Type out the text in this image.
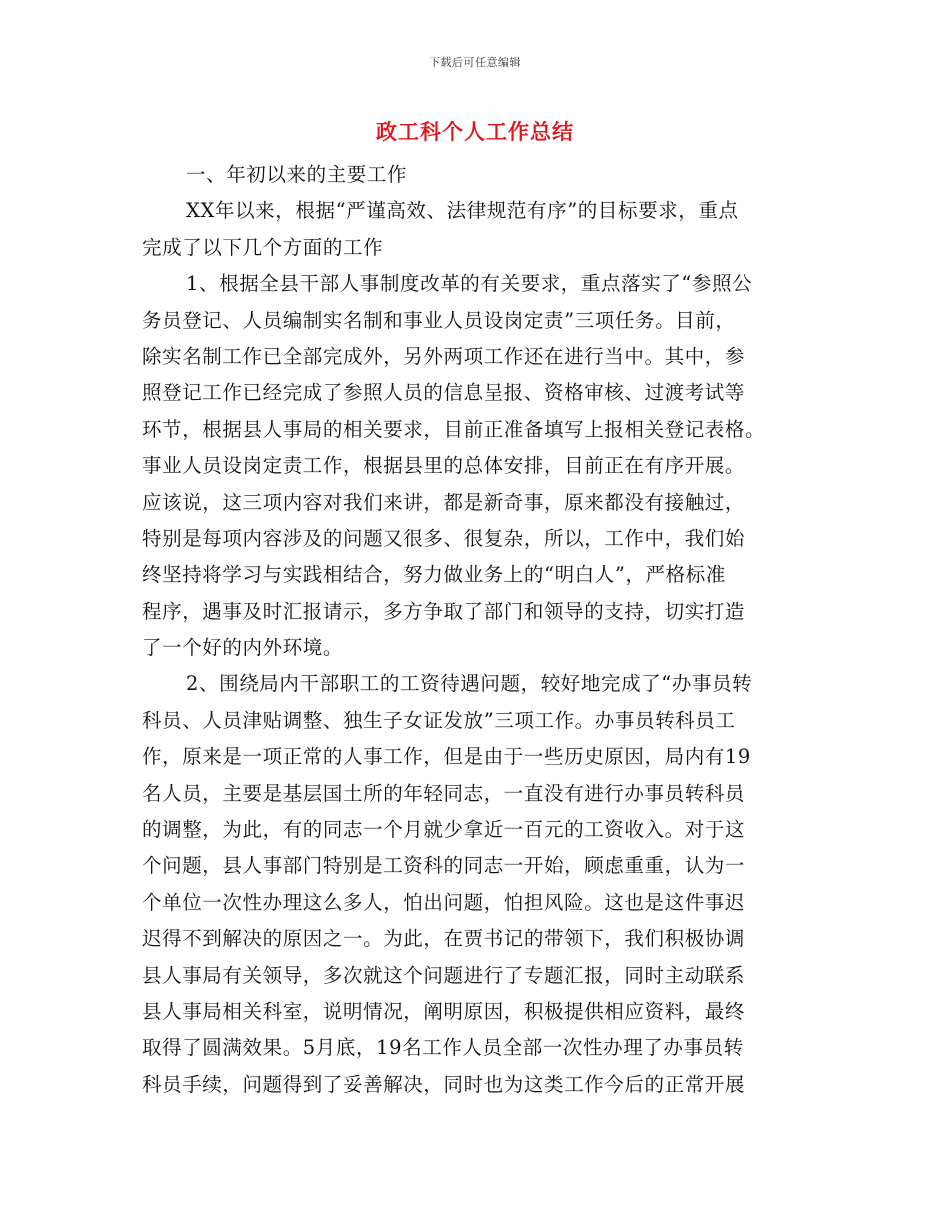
下载后可任意编辑
政工科个人工作总结
一、年初以来的主要工作
XX年以来，根据“严谨高效、法律规范有序”的目标要求，重点
完成了以下几个方面的工作
1、根据全县干部人事制度改革的有关要求，重点落实了“参照公
务员登记、人员编制实名制和事业人员设岗定责”三项任务。目前，
除实名制工作已全部完成外，另外两项工作还在进行当中。其中，参
照登记工作已经完成了参照人员的信息呈报、资格审核、过渡考试等
环节，根据县人事局的相关要求，目前正准备填写上报相关登记表格。
事业人员设岗定责工作，根据县里的总体安排，目前正在有序开展。
应该说，这三项内容对我们来讲，都是新奇事，原来都没有接触过，
特别是每项内容涉及的问题又很多、很复杂，所以，工作中，我们始
终坚持将学习与实践相结合，努力做业务上的“明白人”，严格标准
程序，遇事及时汇报请示，多方争取了部门和领导的支持，切实打造
了一个好的内外环境。
2、围绕局内干部职工的工资待遇问题，较好地完成了“办事员转
科员、人员津贴调整、独生子女证发放”三项工作。办事员转科员工
作，原来是一项正常的人事工作，但是由于一些历史原因，局内有19
名人员，主要是基层国土所的年轻同志，一直没有进行办事员转科员
的调整，为此，有的同志一个月就少拿近一百元的工资收入。对于这
个问题，县人事部门特别是工资科的同志一开始，顾虑重重，认为一
个单位一次性办理这么多人，怕出问题，怕担风险。这也是这件事迟
迟得不到解决的原因之一。为此，在贾书记的带领下，我们积极协调
县人事局有关领导，多次就这个问题进行了专题汇报，同时主动联系
县人事局相关科室，说明情况，阐明原因，积极提供相应资料，最终
取得了圆满效果。5月底，19名工作人员全部一次性办理了办事员转
科员手续，问题得到了妥善解决，同时也为这类工作今后的正常开展
